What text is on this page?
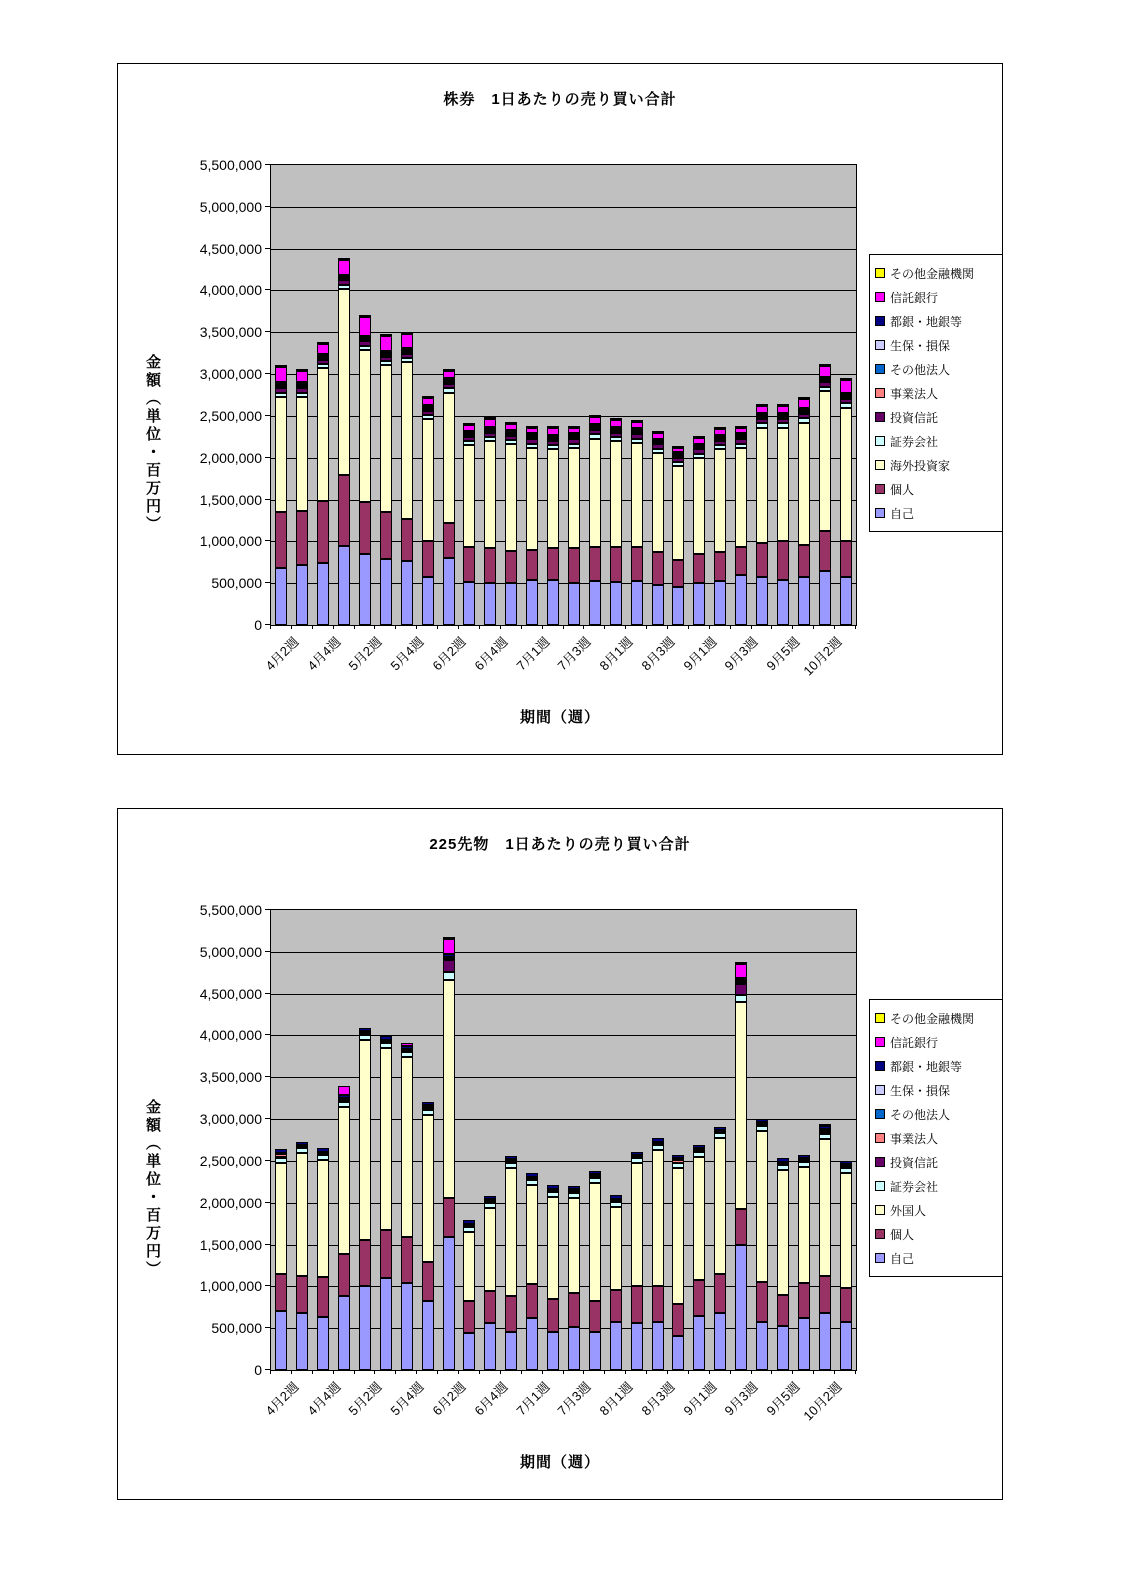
株券　1日あたりの売り買い合計
金額（単位・百万円）
期間（週）
その他金融機関
信託銀行
都銀・地銀等
生保・損保
その他法人
事業法人
投資信託
証券会社
海外投資家
個人
自己
0
500,000
1,000,000
1,500,000
2,000,000
2,500,000
3,000,000
3,500,000
4,000,000
4,500,000
5,000,000
5,500,000
4月2週 4月4週 5月2週 5月4週 6月2週 6月4週 7月1週 7月3週 8月1週 8月3週 9月1週 9月3週 9月5週
10月2週
225先物　1日あたりの売り買い合計
金額（単位・百万円）
期間（週）
その他金融機関
信託銀行
都銀・地銀等
生保・損保
その他法人
事業法人
投資信託
証券会社
外国人
個人
自己
0
500,000
1,000,000
1,500,000
2,000,000
2,500,000
3,000,000
3,500,000
4,000,000
4,500,000
5,000,000
5,500,000
4月2週 4月4週 5月2週 5月4週 6月2週 6月4週 7月1週 7月3週 8月1週 8月3週 9月1週 9月3週 9月5週
10月2週
